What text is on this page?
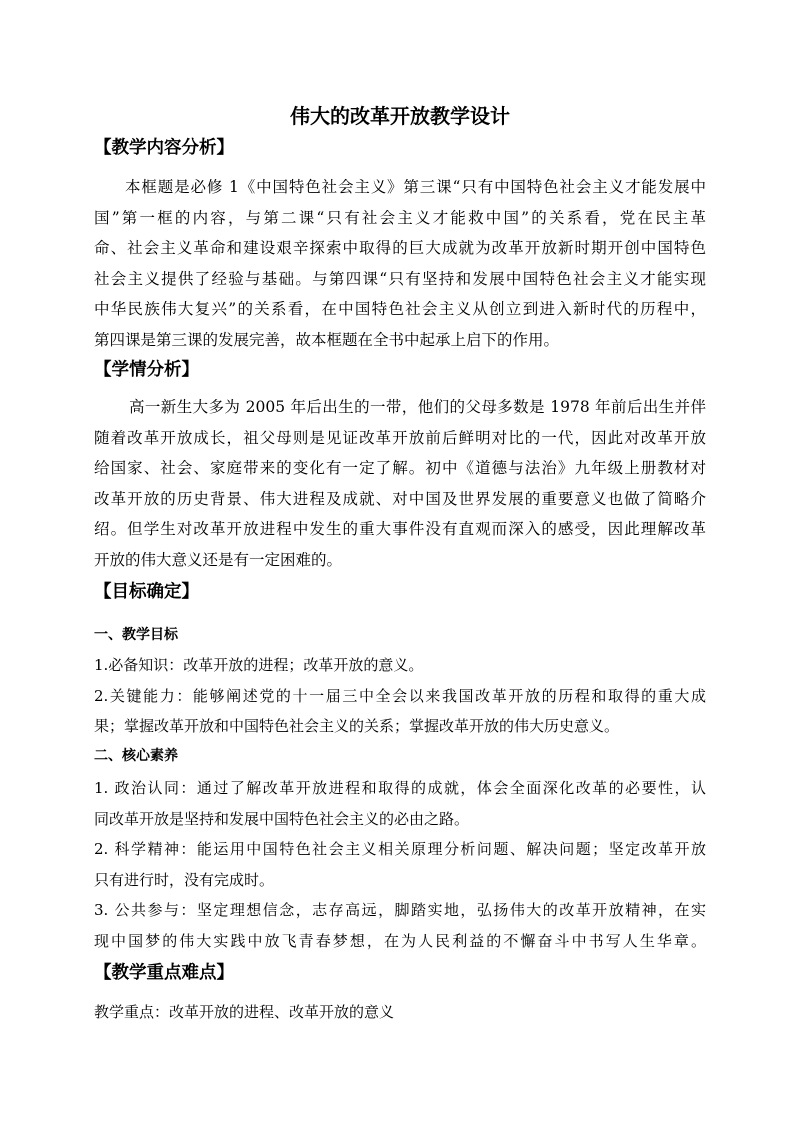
伟大的改革开放教学设计
【教学内容分析】
本框题是必修 1《中国特色社会主义》第三课“只有中国特色社会主义才能发展中
国”第一框的内容，与第二课“只有社会主义才能救中国”的关系看，党在民主革
命、社会主义革命和建设艰辛探索中取得的巨大成就为改革开放新时期开创中国特色
社会主义提供了经验与基础。与第四课“只有坚持和发展中国特色社会主义才能实现
中华民族伟大复兴”的关系看，在中国特色社会主义从创立到进入新时代的历程中，
第四课是第三课的发展完善，故本框题在全书中起承上启下的作用。
【学情分析】
高一新生大多为 2005 年后出生的一带，他们的父母多数是 1978 年前后出生并伴
随着改革开放成长，祖父母则是见证改革开放前后鲜明对比的一代，因此对改革开放
给国家、社会、家庭带来的变化有一定了解。初中《道德与法治》九年级上册教材对
改革开放的历史背景、伟大进程及成就、对中国及世界发展的重要意义也做了简略介
绍。但学生对改革开放进程中发生的重大事件没有直观而深入的感受，因此理解改革
开放的伟大意义还是有一定困难的。
【目标确定】
一、教学目标
1.必备知识：改革开放的进程；改革开放的意义。
2.关键能力：能够阐述党的十一届三中全会以来我国改革开放的历程和取得的重大成
果；掌握改革开放和中国特色社会主义的关系；掌握改革开放的伟大历史意义。
二、核心素养
1. 政治认同：通过了解改革开放进程和取得的成就，体会全面深化改革的必要性，认
同改革开放是坚持和发展中国特色社会主义的必由之路。
2. 科学精神：能运用中国特色社会主义相关原理分析问题、解决问题；坚定改革开放
只有进行时，没有完成时。
3. 公共参与：坚定理想信念，志存高远，脚踏实地，弘扬伟大的改革开放精神，在实
现中国梦的伟大实践中放飞青春梦想，在为人民利益的不懈奋斗中书写人生华章。
【教学重点难点】
教学重点：改革开放的进程、改革开放的意义
